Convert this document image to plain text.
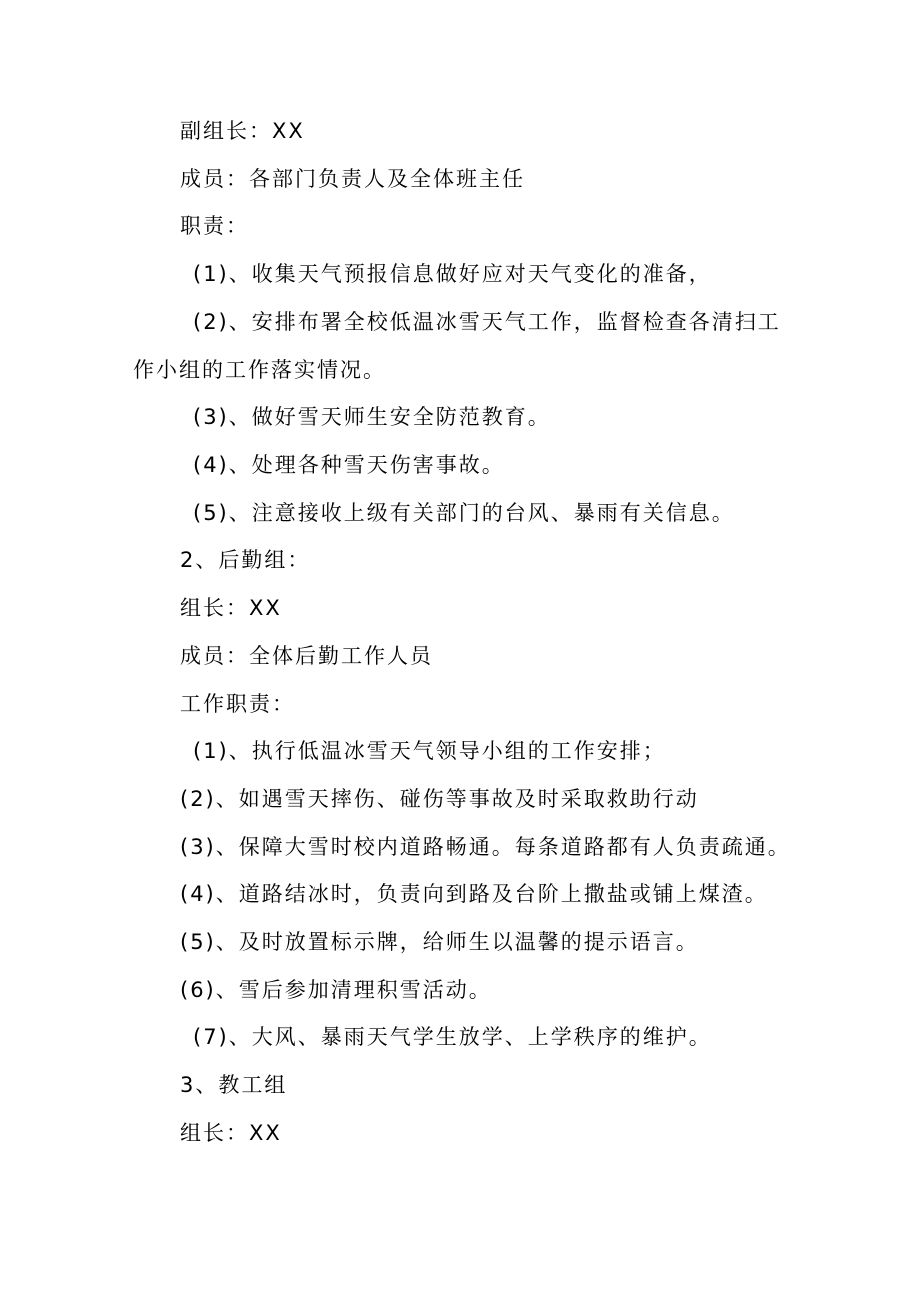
副组长：XX
成员：各部门负责人及全体班主任
职责：
(1)、收集天气预报信息做好应对天气变化的准备，
(2)、安排布署全校低温冰雪天气工作，监督检查各清扫工
作小组的工作落实情况。
(3)、做好雪天师生安全防范教育。
(4)、处理各种雪天伤害事故。
(5)、注意接收上级有关部门的台风、暴雨有关信息。
2、后勤组：
组长：XX
成员：全体后勤工作人员
工作职责：
(1)、执行低温冰雪天气领导小组的工作安排；
(2)、如遇雪天摔伤、碰伤等事故及时采取救助行动
(3)、保障大雪时校内道路畅通。每条道路都有人负责疏通。
(4)、道路结冰时，负责向到路及台阶上撒盐或铺上煤渣。
(5)、及时放置标示牌，给师生以温馨的提示语言。
(6)、雪后参加清理积雪活动。
(7)、大风、暴雨天气学生放学、上学秩序的维护。
3、教工组
组长：XX
